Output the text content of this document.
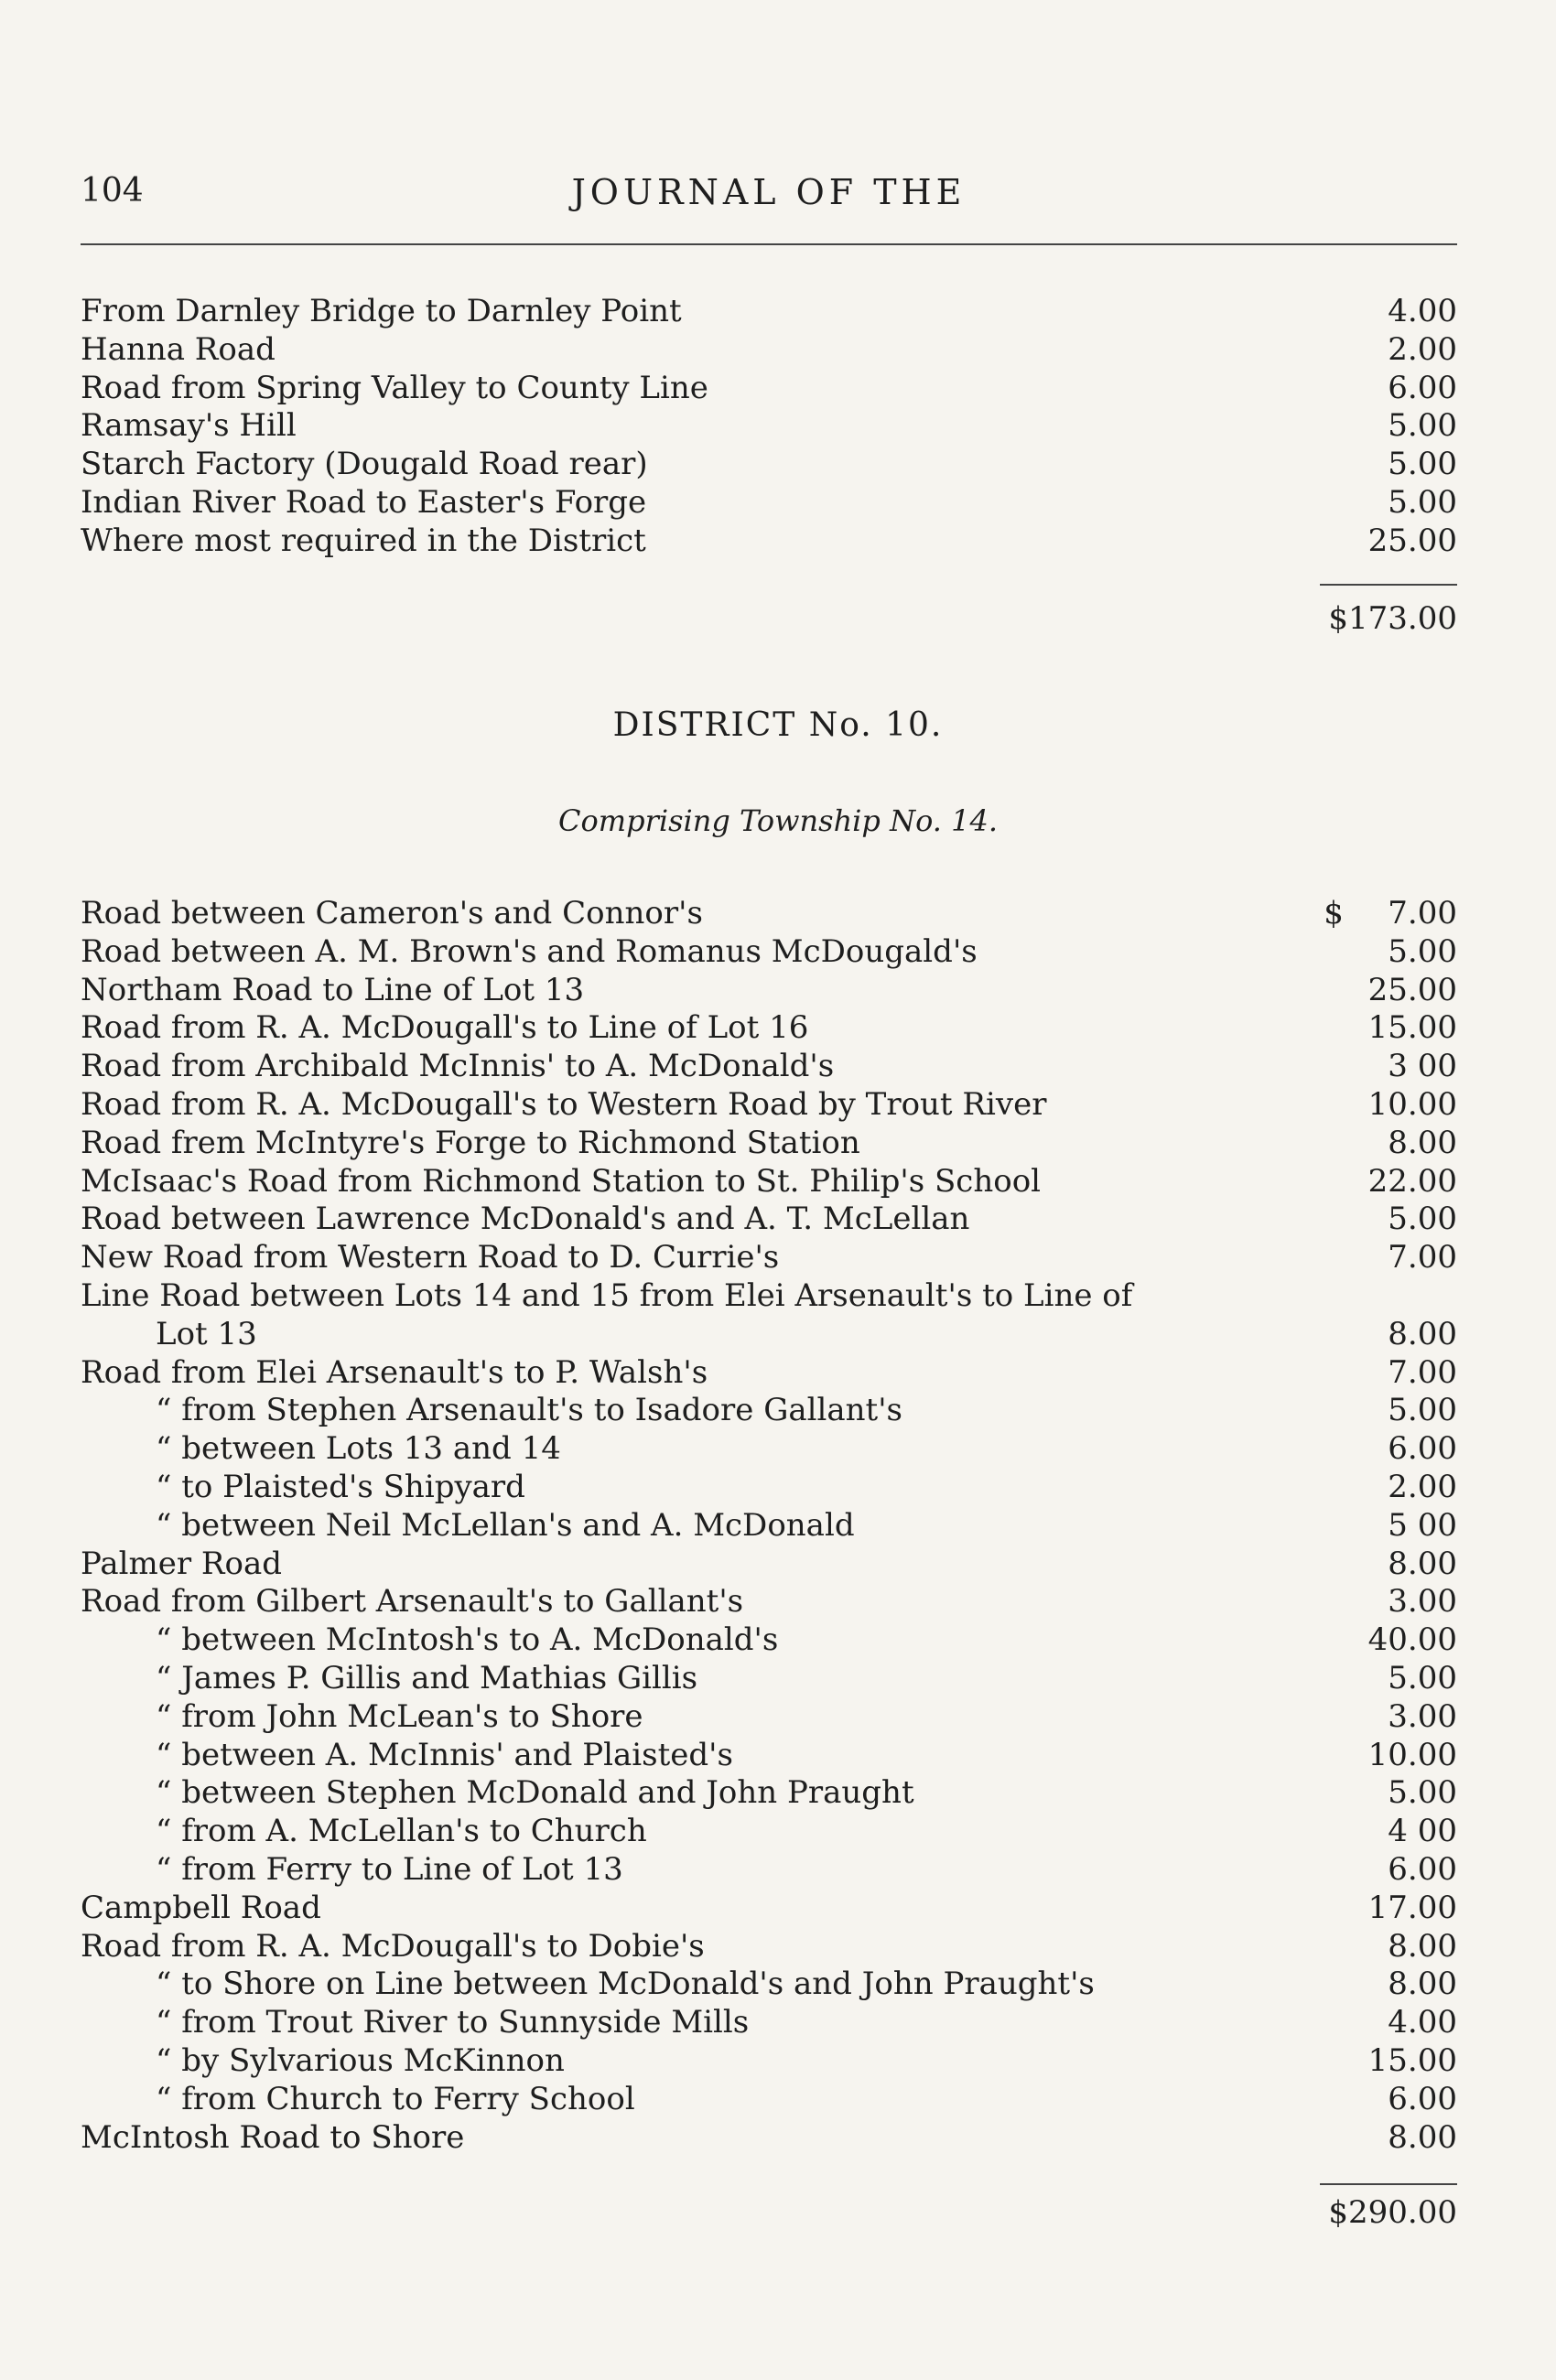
104	JOURNAL OF THE
From Darnley Bridge to Darnley Point	4.00
Hanna Road	2.00
Road from Spring Valley to County Line	6.00
Ramsay's Hill	5.00
Starch Factory (Dougald Road rear)	5.00
Indian River Road to Easter's Forge	5.00
Where most required in the District	25.00
$173.00
DISTRICT No. 10.
Comprising Township No. 14.
Road between Cameron's and Connor's	$ 7.00
Road between A. M. Brown's and Romanus McDougald's	5.00
Northam Road to Line of Lot 13	25.00
Road from R. A. McDougall's to Line of Lot 16	15.00
Road from Archibald McInnis' to A. McDonald's	3 00
Road from R. A. McDougall's to Western Road by Trout River	10.00
Road frem McIntyre's Forge to Richmond Station	8.00
McIsaac's Road from Richmond Station to St. Philip's School	22.00
Road between Lawrence McDonald's and A. T. McLellan	5.00
New Road from Western Road to D. Currie's	7.00
Line Road between Lots 14 and 15 from Elei Arsenault's to Line of
Lot 13	8.00
Road from Elei Arsenault's to P. Walsh's	7.00
“ from Stephen Arsenault's to Isadore Gallant's	5.00
“ between Lots 13 and 14	6.00
“ to Plaisted's Shipyard	2.00
“ between Neil McLellan's and A. McDonald	5 00
Palmer Road	8.00
Road from Gilbert Arsenault's to Gallant's	3.00
“ between McIntosh's to A. McDonald's	40.00
“ James P. Gillis and Mathias Gillis	5.00
“ from John McLean's to Shore	3.00
“ between A. McInnis' and Plaisted's	10.00
“ between Stephen McDonald and John Praught	5.00
“ from A. McLellan's to Church	4 00
“ from Ferry to Line of Lot 13	6.00
Campbell Road	17.00
Road from R. A. McDougall's to Dobie's	8.00
“ to Shore on Line between McDonald's and John Praught's	8.00
“ from Trout River to Sunnyside Mills	4.00
“ by Sylvarious McKinnon	15.00
“ from Church to Ferry School	6.00
McIntosh Road to Shore	8.00
$290.00
